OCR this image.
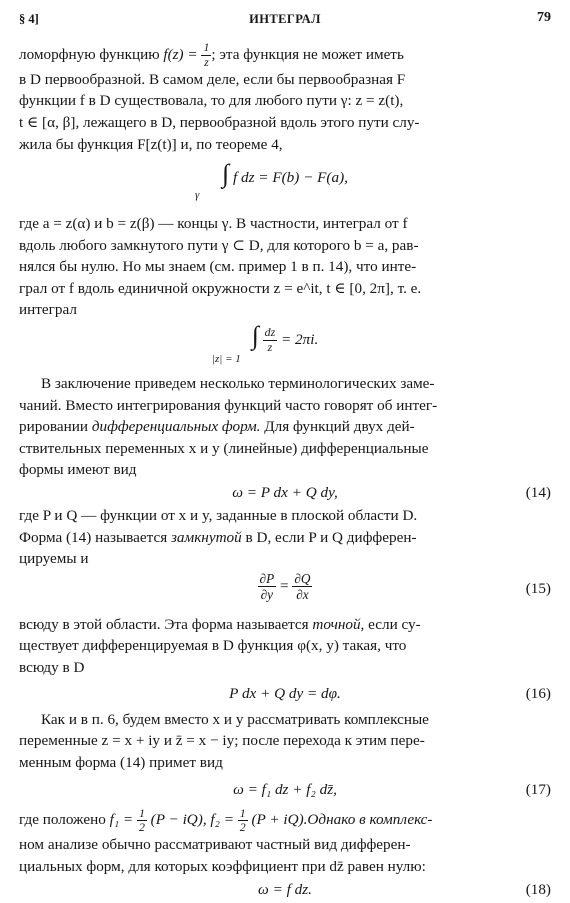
§ 4]	ИНТЕГРАЛ	79

ломорфную функцию $f(z) = \frac{1}{z}$ ; эта функция не может иметь

в D первообразной. В самом деле, если бы первообразная F

функции f в D существовала, то для любого пути γ: z = z(t),

t ∈ [α, β], лежащего в D, первообразной вдоль этого пути слу-

жила бы функция F[z(t)] и, по теореме 4,

∫ f dz = F(b) − F(a),
γ

где a = z(α) и b = z(β) — концы γ. В частности, интеграл от f

вдоль любого замкнутого пути γ ⊂ D, для которого b = a, рав-

нялся бы нулю. Но мы знаем (см. пример 1 в п. 14), что инте-

грал от f вдоль единичной окружности z = e^it, t ∈ [0, 2π], т. е.

интеграл

∫ $\frac{dz}{z} = 2\pi i$.
|z| = 1

В заключение приведем несколько терминологических заме-

чаний. Вместо интегрирования функций часто говорят об интег-

рировании дифференциальных форм. Для функций двух дей-

ствительных переменных x и y (линейные) дифференциальные

формы имеют вид

ω = P dx + Q dy,	(14)

где P и Q — функции от x и y, заданные в плоской области D.

Форма (14) называется замкнутой в D, если P и Q дифферен-

цируемы и

$\frac{\partial P}{\partial y} = \frac{\partial Q}{\partial x}$	(15)

всюду в этой области. Эта форма называется точной, если су-

ществует дифференцируемая в D функция φ(x, y) такая, что

всюду в D

P dx + Q dy = dφ.	(16)

Как и в п. 6, будем вместо x и y рассматривать комплексные

переменные z = x + iy и z̄ = x − iy; после перехода к этим пере-

менным форма (14) примет вид

ω = f₁ dz + f₂ dz̄,	(17)

где положено $f_1 = \frac{1}{2} (P - iQ)$, $f_2 = \frac{1}{2} (P$ + iQ).Однако в комплекс-

ном анализе обычно рассматривают частный вид дифферен-

циальных форм, для которых коэффициент при dz̄ равен нулю:

ω = f dz.	(18)
